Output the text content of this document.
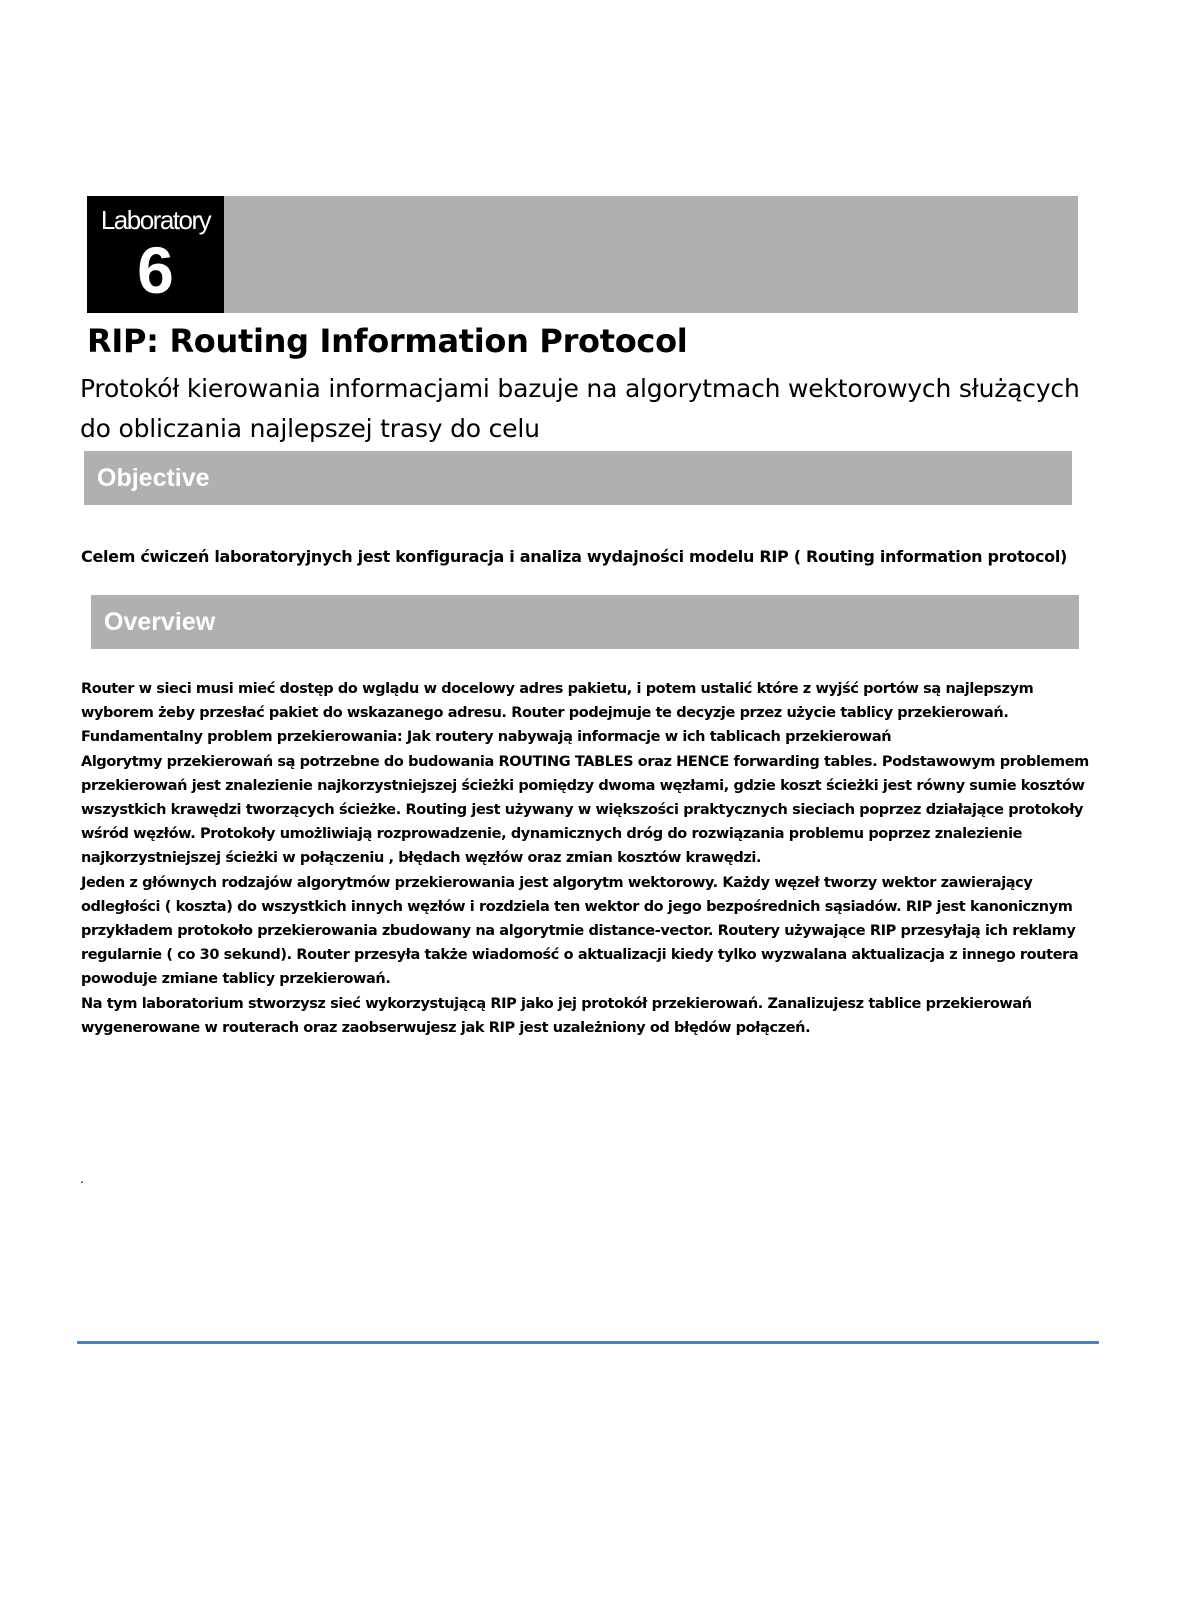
Laboratory
6
RIP: Routing Information Protocol

Protokół kierowania informacjami bazuje na algorytmach wektorowych służących do obliczania najlepszej trasy do celu

Objective

Celem ćwiczeń laboratoryjnych jest konfiguracja i analiza wydajności modelu RIP ( Routing information protocol)

Overview

Router w sieci musi mieć dostęp do wglądu w docelowy adres pakietu, i potem ustalić które z wyjść portów są najlepszym wyborem żeby przesłać pakiet do wskazanego adresu. Router podejmuje te decyzje przez użycie tablicy przekierowań. Fundamentalny problem przekierowania: Jak routery nabywają informacje w ich tablicach przekierowań

Algorytmy przekierowań są potrzebne do budowania ROUTING TABLES oraz HENCE forwarding tables. Podstawowym problemem przekierowań jest znalezienie najkorzystniejszej ścieżki pomiędzy dwoma węzłami, gdzie koszt ścieżki jest równy sumie kosztów wszystkich krawędzi tworzących ścieżke. Routing jest używany w większości praktycznych sieciach poprzez działające protokoły wśród węzłów. Protokoły umożliwiają rozprowadzenie, dynamicznych dróg do rozwiązania problemu poprzez znalezienie najkorzystniejszej ścieżki w połączeniu , błędach węzłów oraz zmian kosztów krawędzi.

Jeden z głównych rodzajów algorytmów przekierowania jest algorytm wektorowy. Każdy węzeł tworzy wektor zawierający odległości ( koszta) do wszystkich innych węzłów i rozdziela ten wektor do jego bezpośrednich sąsiadów. RIP jest kanonicznym przykładem protokoło przekierowania zbudowany na algorytmie distance-vector. Routery używające RIP przesyłają ich reklamy regularnie ( co 30 sekund). Router przesyła także wiadomość o aktualizacji kiedy tylko wyzwalana aktualizacja z innego routera powoduje zmiane tablicy przekierowań.

Na tym laboratorium stworzysz sieć wykorzystującą RIP jako jej protokół przekierowań. Zanalizujesz tablice przekierowań wygenerowane w routerach oraz zaobserwujesz jak RIP jest uzależniony od błędów połączeń.

.
